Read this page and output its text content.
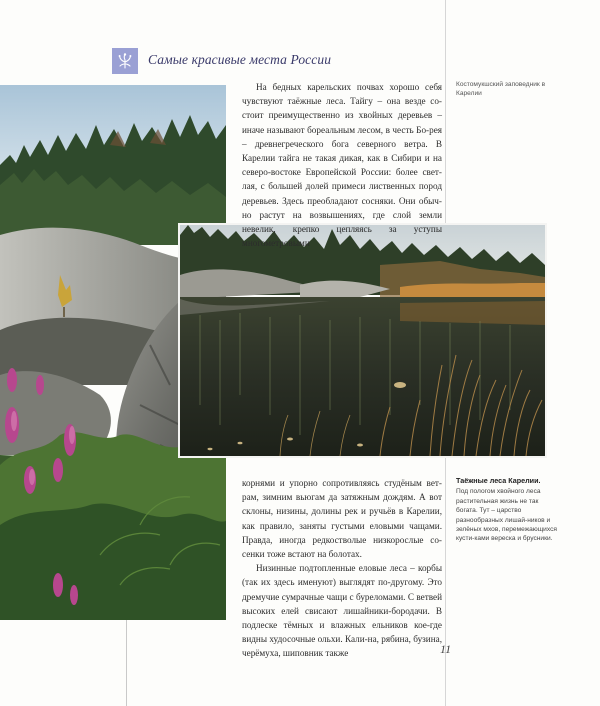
Самые красивые места России

На бедных карельских почвах хорошо себя чувствуют таёжные леса. Тайгу – она везде со-стоит преимущественно из хвойных деревьев – иначе называют бореальным лесом, в честь Бо-рея – древнегреческого бога северного ветра. В Карелии тайга не такая дикая, как в Сибири и на северо-востоке Европейской России: более свет-лая, с большей долей примеси лиственных пород деревьев. Здесь преобладают сосняки. Они обыч-но растут на возвышениях, где слой земли невелик, крепко цепляясь за уступы многометровыми

Костомукшский заповедник в Карелии

корнями и упорно сопротивляясь студёным вет-рам, зимним вьюгам да затяжным дождям. А вот склоны, низины, долины рек и ручьёв в Карелии, как правило, заняты густыми еловыми чащами. Правда, иногда редкостволые низкорослые со-сенки тоже встают на болотах.

Низинные подтопленные еловые леса – корбы (так их здесь именуют) выглядят по-другому. Это дремучие сумрачные чащи с буреломами. С ветвей высоких елей свисают лишайники-бородачи. В подлеске тёмных и влажных ельников кое-где видны худосочные ольхи. Кали-на, рябина, бузина, черёмуха, шиповник также

Таёжные леса Карелии.
Под пологом хвойного леса растительная жизнь не так богата. Тут – царство разнообразных лишай-ников и зелёных мхов, перемежающихся кусти-ками вереска и брусники.
11
